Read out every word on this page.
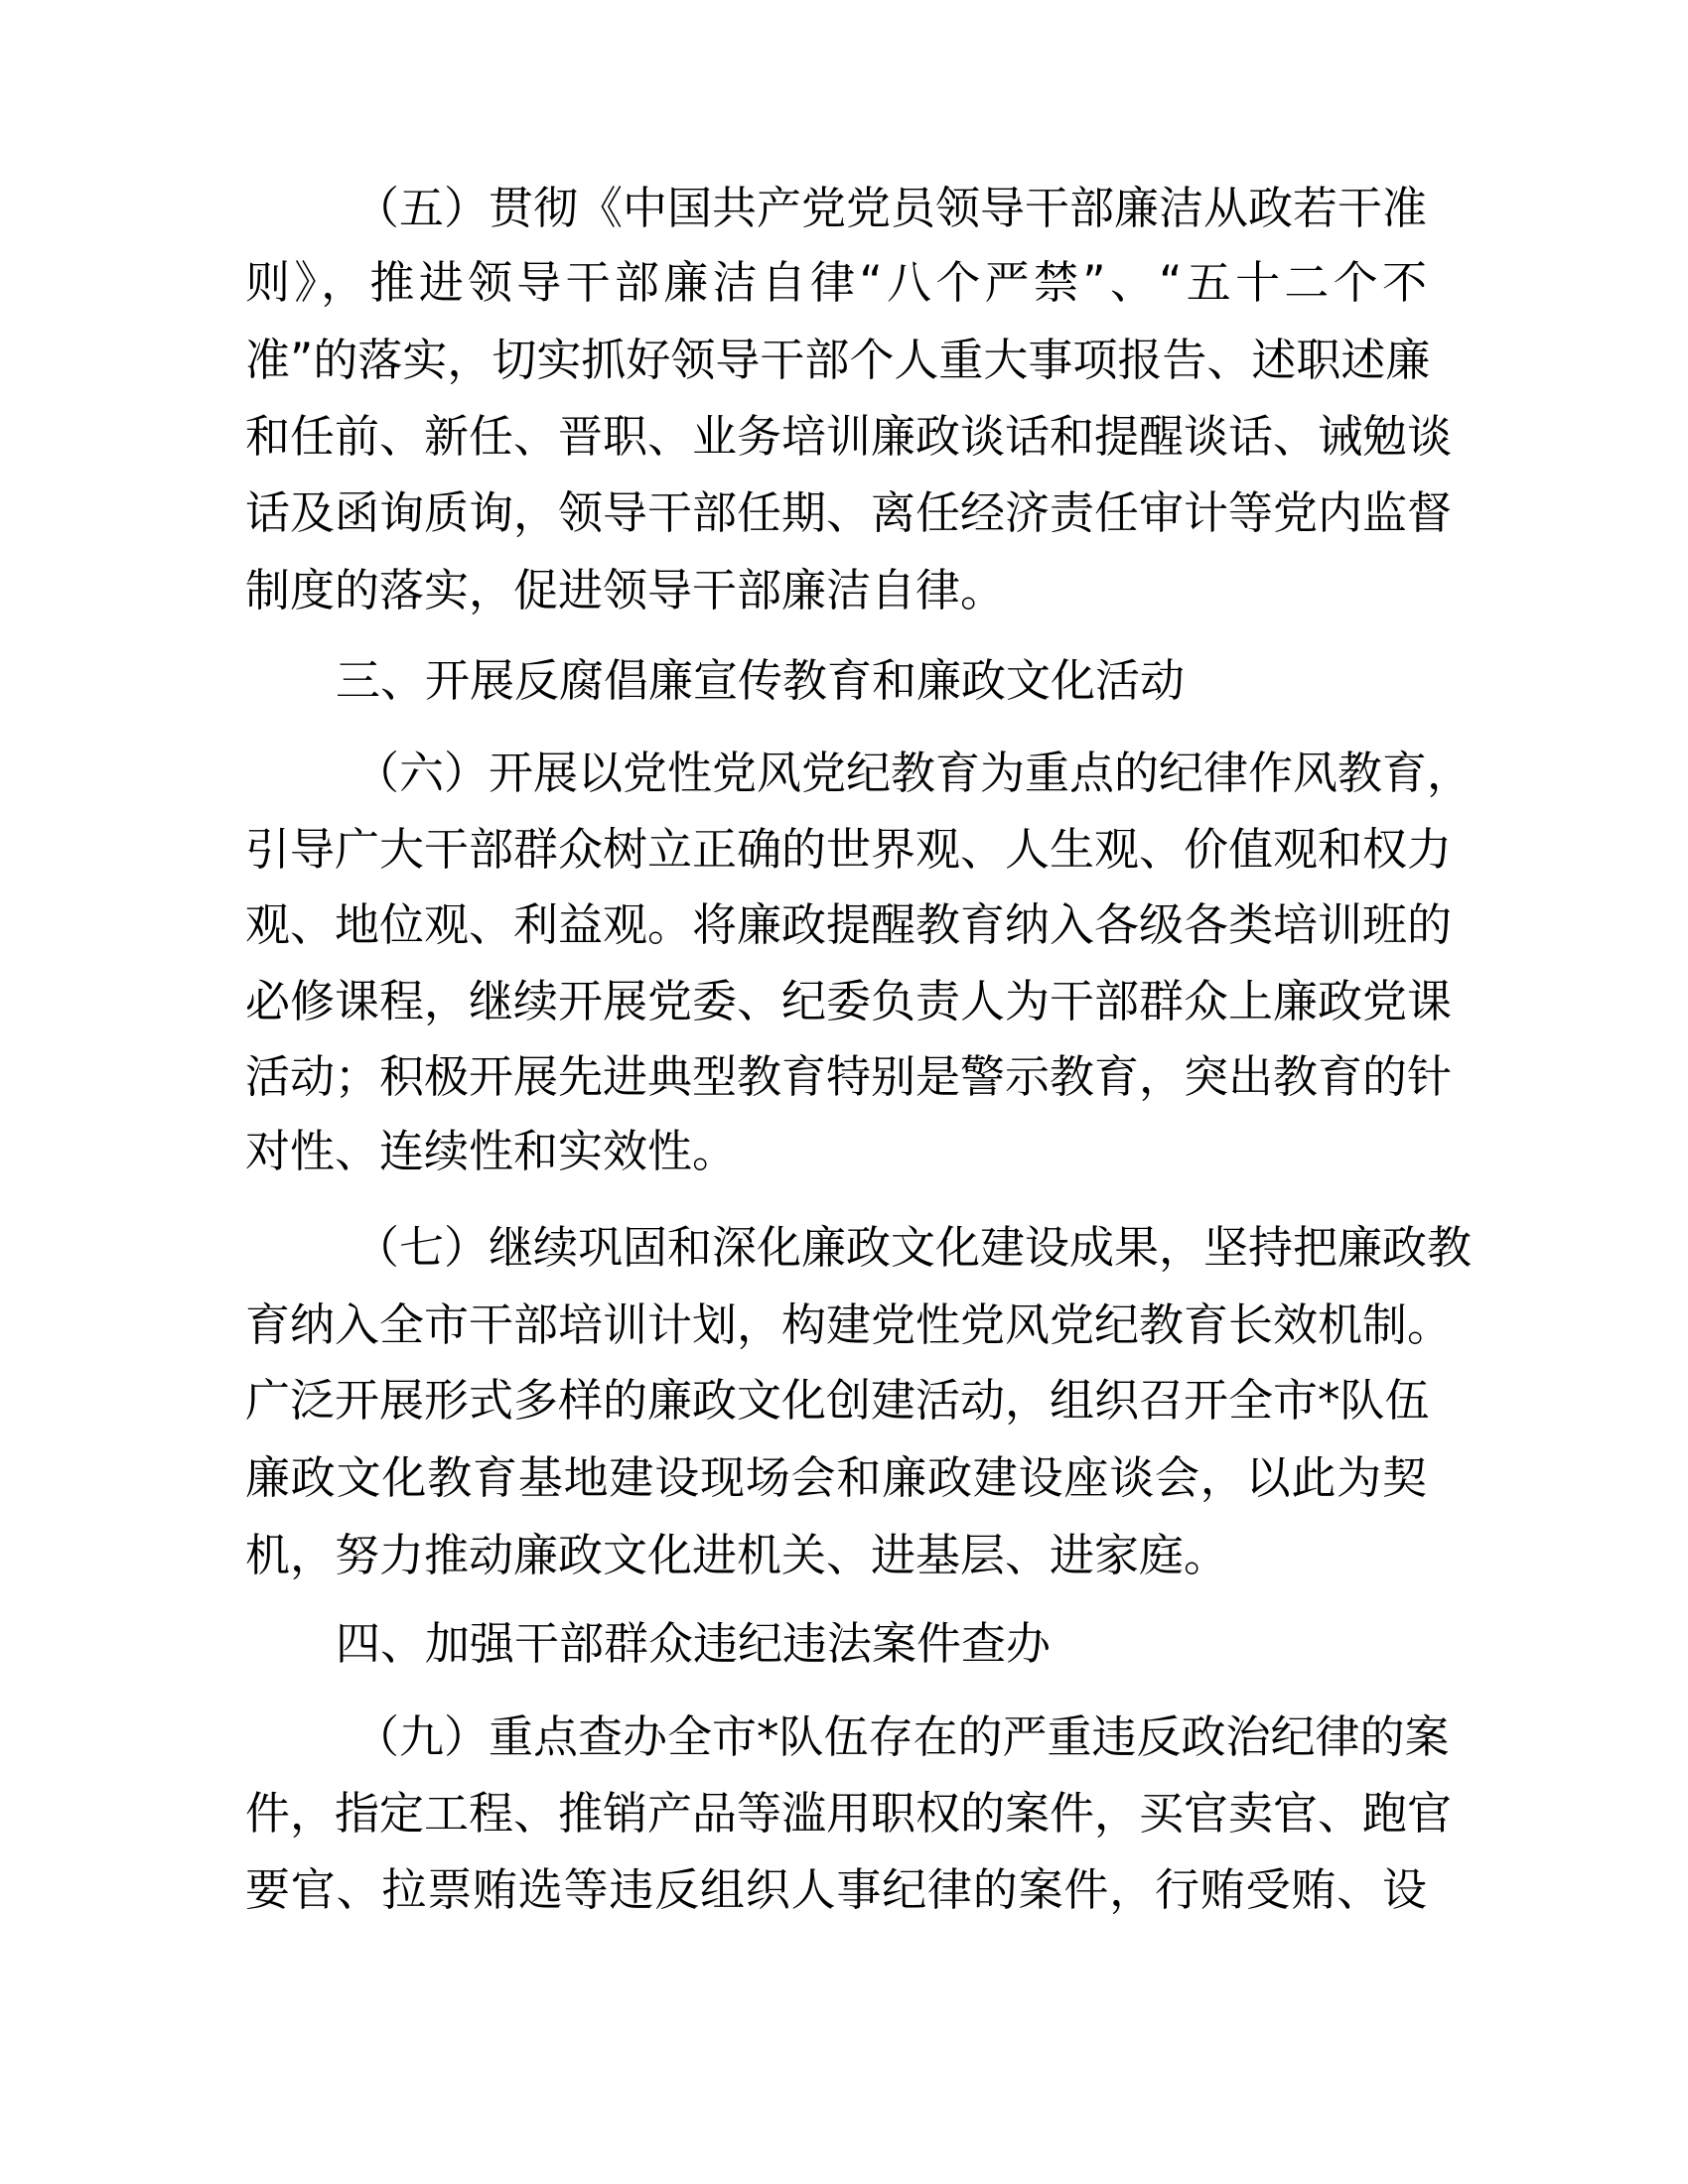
（五）贯彻《中国共产党党员领导干部廉洁从政若干准
则》，推进领导干部廉洁自律“八个严禁”、“五十二个不
准”的落实，切实抓好领导干部个人重大事项报告、述职述廉
和任前、新任、晋职、业务培训廉政谈话和提醒谈话、诫勉谈
话及函询质询，领导干部任期、离任经济责任审计等党内监督
制度的落实，促进领导干部廉洁自律。
三、开展反腐倡廉宣传教育和廉政文化活动
（六）开展以党性党风党纪教育为重点的纪律作风教育，
引导广大干部群众树立正确的世界观、人生观、价值观和权力
观、地位观、利益观。将廉政提醒教育纳入各级各类培训班的
必修课程，继续开展党委、纪委负责人为干部群众上廉政党课
活动；积极开展先进典型教育特别是警示教育，突出教育的针
对性、连续性和实效性。
（七）继续巩固和深化廉政文化建设成果，坚持把廉政教
育纳入全市干部培训计划，构建党性党风党纪教育长效机制。
广泛开展形式多样的廉政文化创建活动，组织召开全市*队伍
廉政文化教育基地建设现场会和廉政建设座谈会，以此为契
机，努力推动廉政文化进机关、进基层、进家庭。
四、加强干部群众违纪违法案件查办
（九）重点查办全市*队伍存在的严重违反政治纪律的案
件，指定工程、推销产品等滥用职权的案件，买官卖官、跑官
要官、拉票贿选等违反组织人事纪律的案件，行贿受贿、设
